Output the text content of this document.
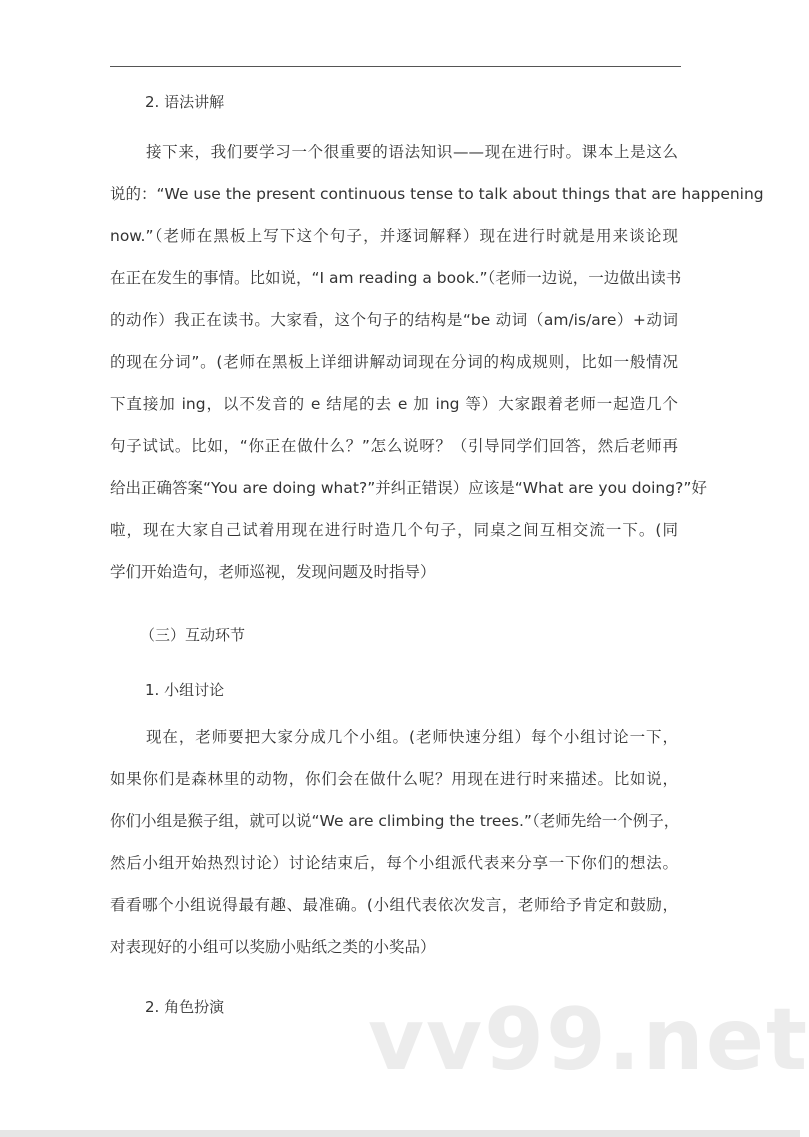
2. 语法讲解
接下来，我们要学习一个很重要的语法知识——现在进行时。课本上是这么
说的：“We use the present continuous tense to talk about things that are happening
now.”（老师在黑板上写下这个句子，并逐词解释）现在进行时就是用来谈论现
在正在发生的事情。比如说，“I am reading a book.”（老师一边说，一边做出读书
的动作）我正在读书。大家看，这个句子的结构是“be 动词（am/is/are）+动词
的现在分词”。(老师在黑板上详细讲解动词现在分词的构成规则，比如一般情况
下直接加 ing，以不发音的 e 结尾的去 e 加 ing 等）大家跟着老师一起造几个
句子试试。比如，“你正在做什么？”怎么说呀？（引导同学们回答，然后老师再
给出正确答案“You are doing what?”并纠正错误）应该是“What are you doing?”好
啦，现在大家自己试着用现在进行时造几个句子，同桌之间互相交流一下。(同
学们开始造句，老师巡视，发现问题及时指导）
（三）互动环节
1. 小组讨论
现在，老师要把大家分成几个小组。(老师快速分组）每个小组讨论一下，
如果你们是森林里的动物，你们会在做什么呢？用现在进行时来描述。比如说，
你们小组是猴子组，就可以说“We are climbing the trees.”（老师先给一个例子，
然后小组开始热烈讨论）讨论结束后，每个小组派代表来分享一下你们的想法。
看看哪个小组说得最有趣、最准确。(小组代表依次发言，老师给予肯定和鼓励，
对表现好的小组可以奖励小贴纸之类的小奖品）
2. 角色扮演 vv99.net
